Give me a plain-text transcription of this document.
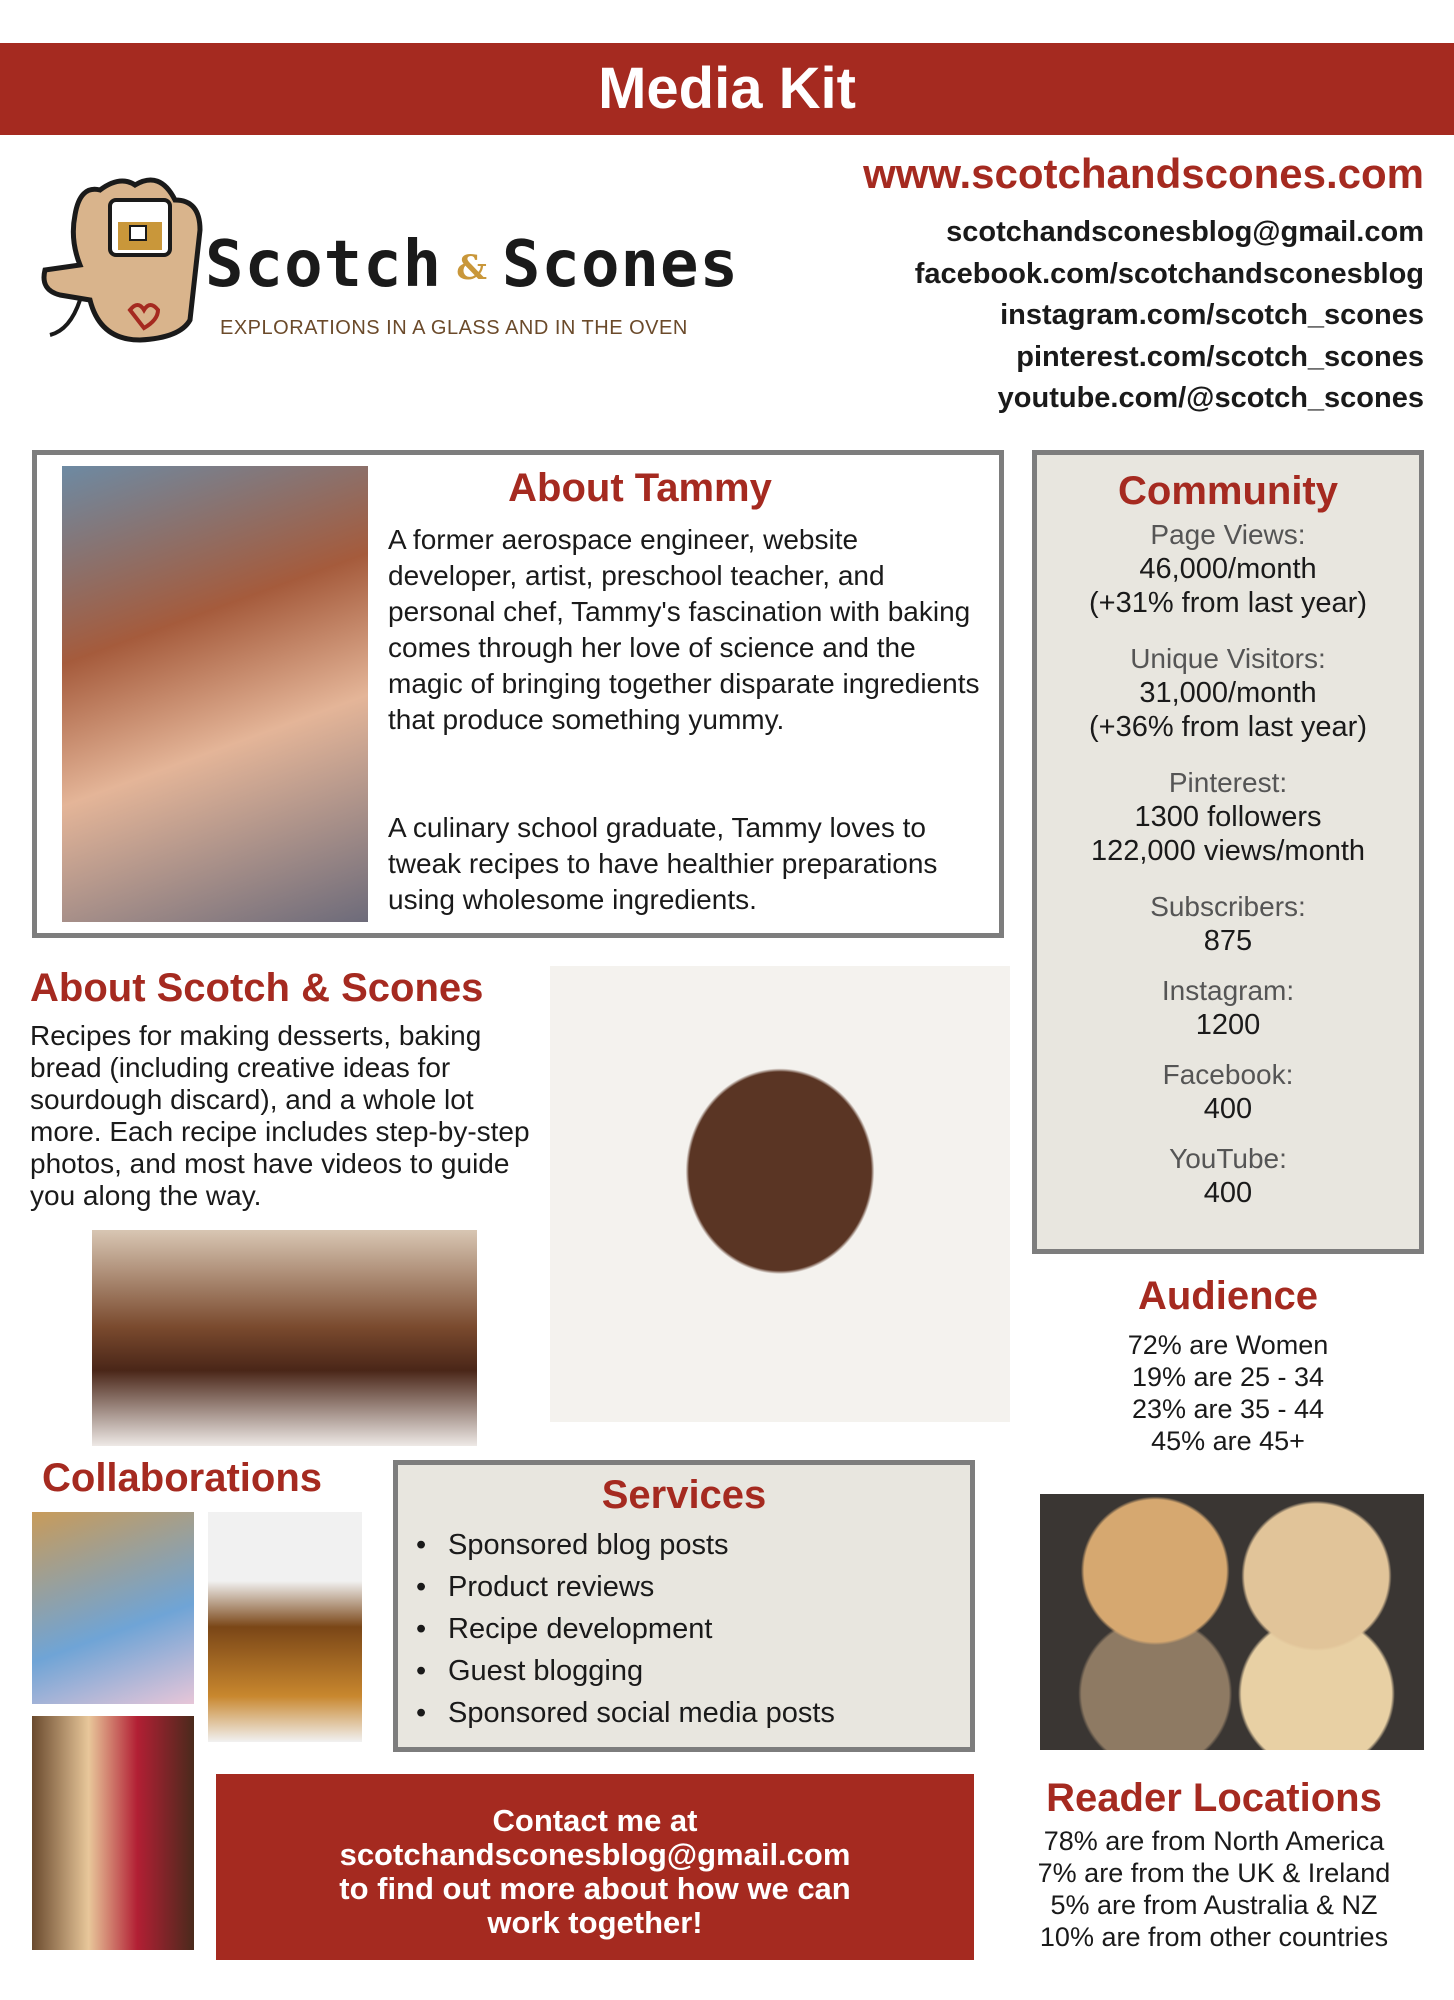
Media Kit
Scotch & Scones
EXPLORATIONS IN A GLASS AND IN THE OVEN
www.scotchandscones.com
scotchandsconesblog@gmail.com
facebook.com/scotchandsconesblog
instagram.com/scotch_scones
pinterest.com/scotch_scones
youtube.com/@scotch_scones
About Tammy
A former aerospace engineer, website developer, artist, preschool teacher, and personal chef, Tammy's fascination with baking comes through her love of science and the magic of bringing together disparate ingredients that produce something yummy.
A culinary school graduate, Tammy loves to tweak recipes to have healthier preparations using wholesome ingredients.
Community
Page Views:
46,000/month
(+31% from last year)
Unique Visitors:
31,000/month
(+36% from last year)
Pinterest:
1300 followers
122,000 views/month
Subscribers:
875
Instagram:
1200
Facebook:
400
YouTube:
400
About Scotch & Scones
Recipes for making desserts, baking bread (including creative ideas for sourdough discard), and a whole lot more. Each recipe includes step-by-step photos, and most have videos to guide you along the way.
Audience
72% are Women
19% are 25 - 34
23% are 35 - 44
45% are 45+
Collaborations	Services
• Sponsored blog posts
• Product reviews
• Recipe development
• Guest blogging
• Sponsored social media posts
Contact me at
scotchandsconesblog@gmail.com
to find out more about how we can
work together!
Reader Locations
78% are from North America
7% are from the UK & Ireland
5% are from Australia & NZ
10% are from other countries
